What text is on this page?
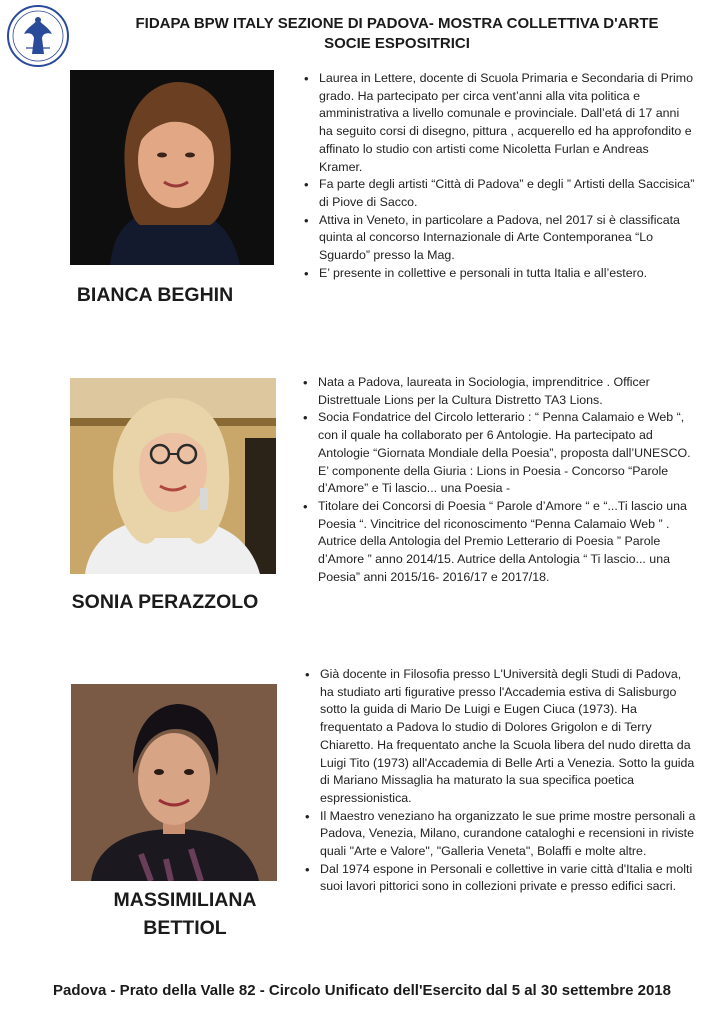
FIDAPA BPW ITALY SEZIONE DI PADOVA- MOSTRA COLLETTIVA D'ARTE
SOCIE ESPOSITRICI
BIANCA BEGHIN
• Laurea in Lettere, docente di Scuola Primaria e Secondaria di Primo grado. Ha partecipato per circa vent’anni alla vita politica e amministrativa a livello comunale e provinciale. Dall’etá di 17 anni ha seguito corsi di disegno, pittura , acquerello ed ha approfondito e affinato lo studio con artisti come Nicoletta Furlan e Andreas Kramer.
• Fa parte degli artisti “Città di Padova” e degli ” Artisti della Saccisica” di Piove di Sacco.
• Attiva in Veneto, in particolare a Padova, nel 2017 si è classificata quinta al concorso Internazionale di Arte Contemporanea “Lo Sguardo” presso la Mag.
• E’ presente in collettive e personali in tutta Italia e all’estero.
SONIA PERAZZOLO
• Nata a Padova, laureata in Sociologia, imprenditrice . Officer Distrettuale Lions per la Cultura Distretto TA3 Lions.
• Socia Fondatrice del Circolo letterario : “ Penna Calamaio e Web “, con il quale ha collaborato per 6 Antologie. Ha partecipato ad Antologie “Giornata Mondiale della Poesia”, proposta dall’UNESCO. E’ componente della Giuria : Lions in Poesia - Concorso “Parole d’Amore” e Ti lascio... una Poesia -
• Titolare dei Concorsi di Poesia “ Parole d’Amore “ e “...Ti lascio una Poesia “. Vincitrice del riconoscimento “Penna Calamaio Web ” . Autrice della Antologia del Premio Letterario di Poesia ” Parole d’Amore ” anno 2014/15. Autrice della Antologia “ Ti lascio... una Poesia” anni 2015/16- 2016/17 e 2017/18.
MASSIMILIANA
BETTIOL
• Già docente in Filosofia presso L'Università degli Studi di Padova, ha studiato arti figurative presso l'Accademia estiva di Salisburgo sotto la guida di Mario De Luigi e Eugen Ciuca (1973). Ha frequentato a Padova lo studio di Dolores Grigolon e di Terry Chiaretto. Ha frequentato anche la Scuola libera del nudo diretta da Luigi Tito (1973) all'Accademia di Belle Arti a Venezia. Sotto la guida di Mariano Missaglia ha maturato la sua specifica poetica espressionistica.
• Il Maestro veneziano ha organizzato le sue prime mostre personali a Padova, Venezia, Milano, curandone cataloghi e recensioni in riviste quali "Arte e Valore", "Galleria Veneta", Bolaffi e molte altre.
• Dal 1974 espone in Personali e collettive in varie città d'Italia e molti suoi lavori pittorici sono in collezioni private e presso edifici sacri.
Padova - Prato della Valle 82 - Circolo Unificato dell'Esercito dal 5 al 30 settembre 2018
